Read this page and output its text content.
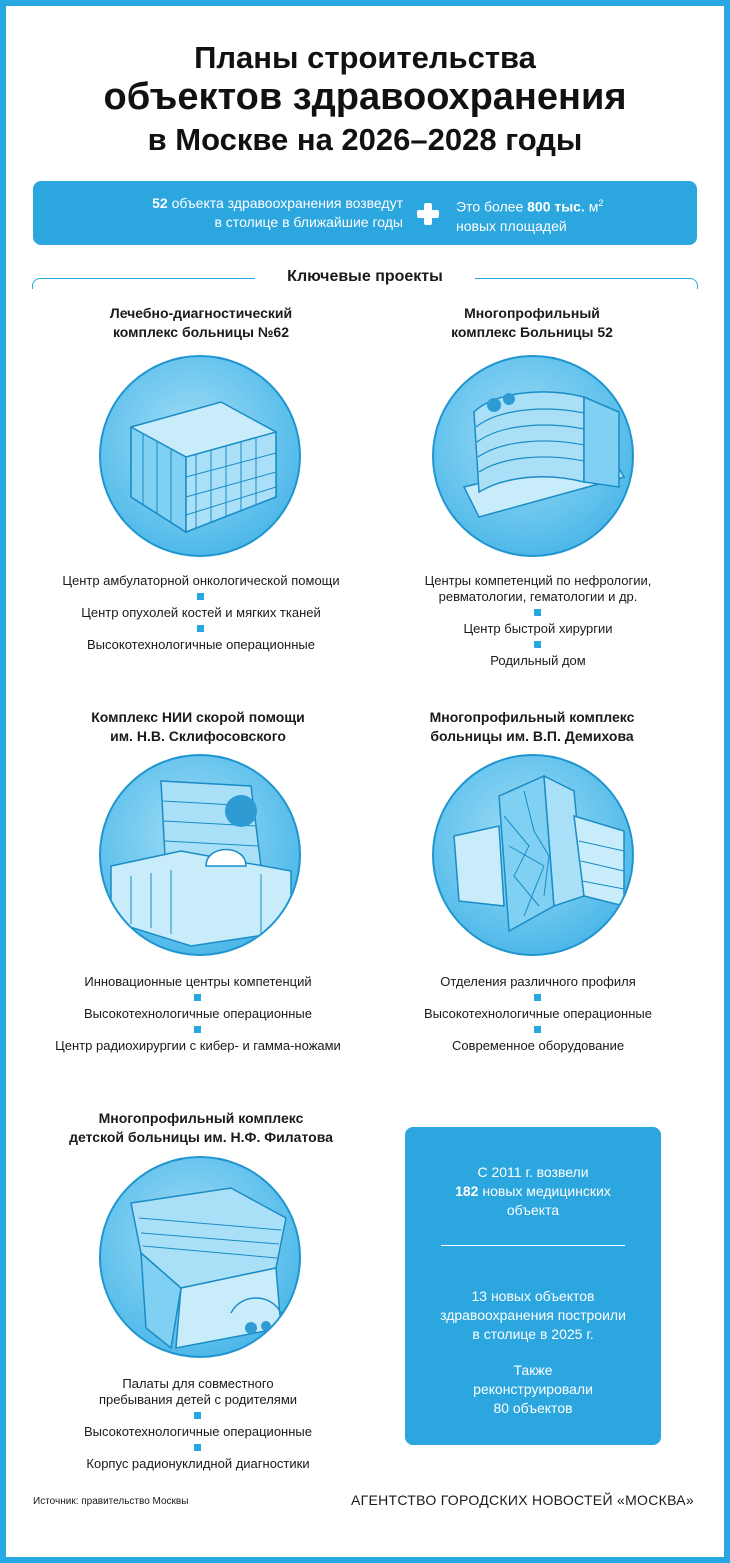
Планы строительства
объектов здравоохранения
в Москве на 2026–2028 годы
52 объекта здравоохранения возведут
в столице в ближайшие годы
Это более 800 тыс. $м^2$
новых площадей
Ключевые проекты
Лечебно-диагностический
комплекс больницы №62
Центр амбулаторной онкологической помощи
Центр опухолей костей и мягких тканей
Высокотехнологичные операционные
Многопрофильный
комплекс Больницы 52
Центры компетенций по нефрологии,
ревматологии, гематологии и др.
Центр быстрой хирургии
Родильный дом
Комплекс НИИ скорой помощи
им. Н.В. Склифосовского
Инновационные центры компетенций
Высокотехнологичные операционные
Центр радиохирургии с кибер- и гамма-ножами
Многопрофильный комплекс
больницы им. В.П. Демихова
Отделения различного профиля
Высокотехнологичные операционные
Современное оборудование
Многопрофильный комплекс
детской больницы им. Н.Ф. Филатова
Палаты для совместного
пребывания детей с родителями
Высокотехнологичные операционные
Корпус радионуклидной диагностики
С 2011 г. возвели
182 новых медицинских
объекта
13 новых объектов
здравоохранения построили
в столице в 2025 г.
Также
реконструировали
80 объектов
Источник: правительство Москвы	АГЕНТСТВО ГОРОДСКИХ НОВОСТЕЙ «МОСКВА»
